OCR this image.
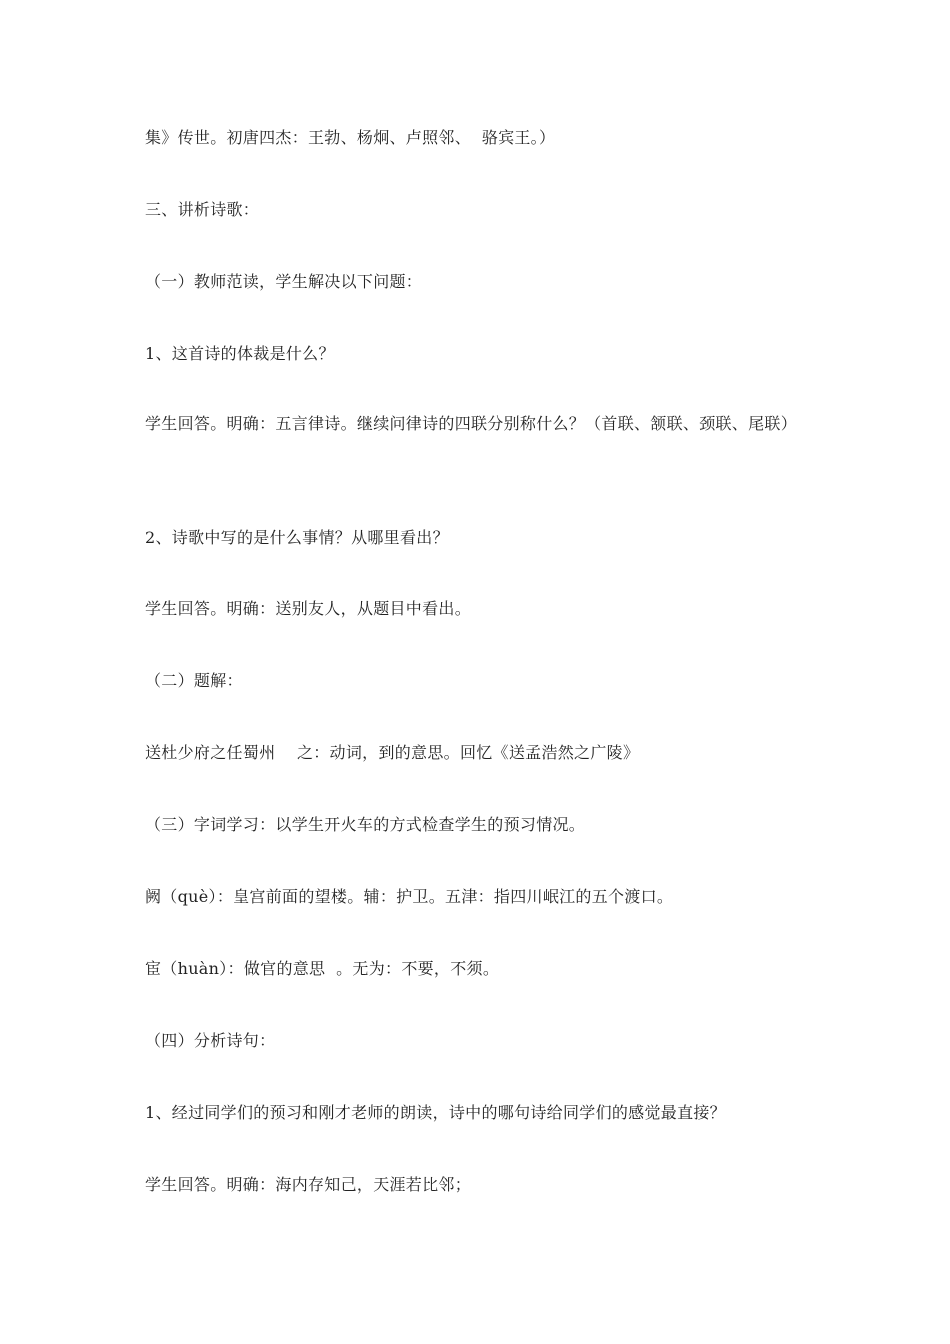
集》传世。初唐四杰：王勃、杨炯、卢照邻、  骆宾王。）
三、讲析诗歌：
（一）教师范读，学生解决以下问题：
1、这首诗的体裁是什么？
学生回答。明确：五言律诗。继续问律诗的四联分别称什么？（首联、颔联、颈联、尾联）
2、诗歌中写的是什么事情？从哪里看出？
学生回答。明确：送别友人，从题目中看出。
（二）题解：
送杜少府之任蜀州    之：动词，到的意思。回忆《送孟浩然之广陵》
（三）字词学习：以学生开火车的方式检查学生的预习情况。
阙（què）：皇宫前面的望楼。辅：护卫。五津：指四川岷江的五个渡口。
宦（huàn）：做官的意思  。无为：不要，不须。
（四）分析诗句：
1、经过同学们的预习和刚才老师的朗读，诗中的哪句诗给同学们的感觉最直接？
学生回答。明确：海内存知己，天涯若比邻；
